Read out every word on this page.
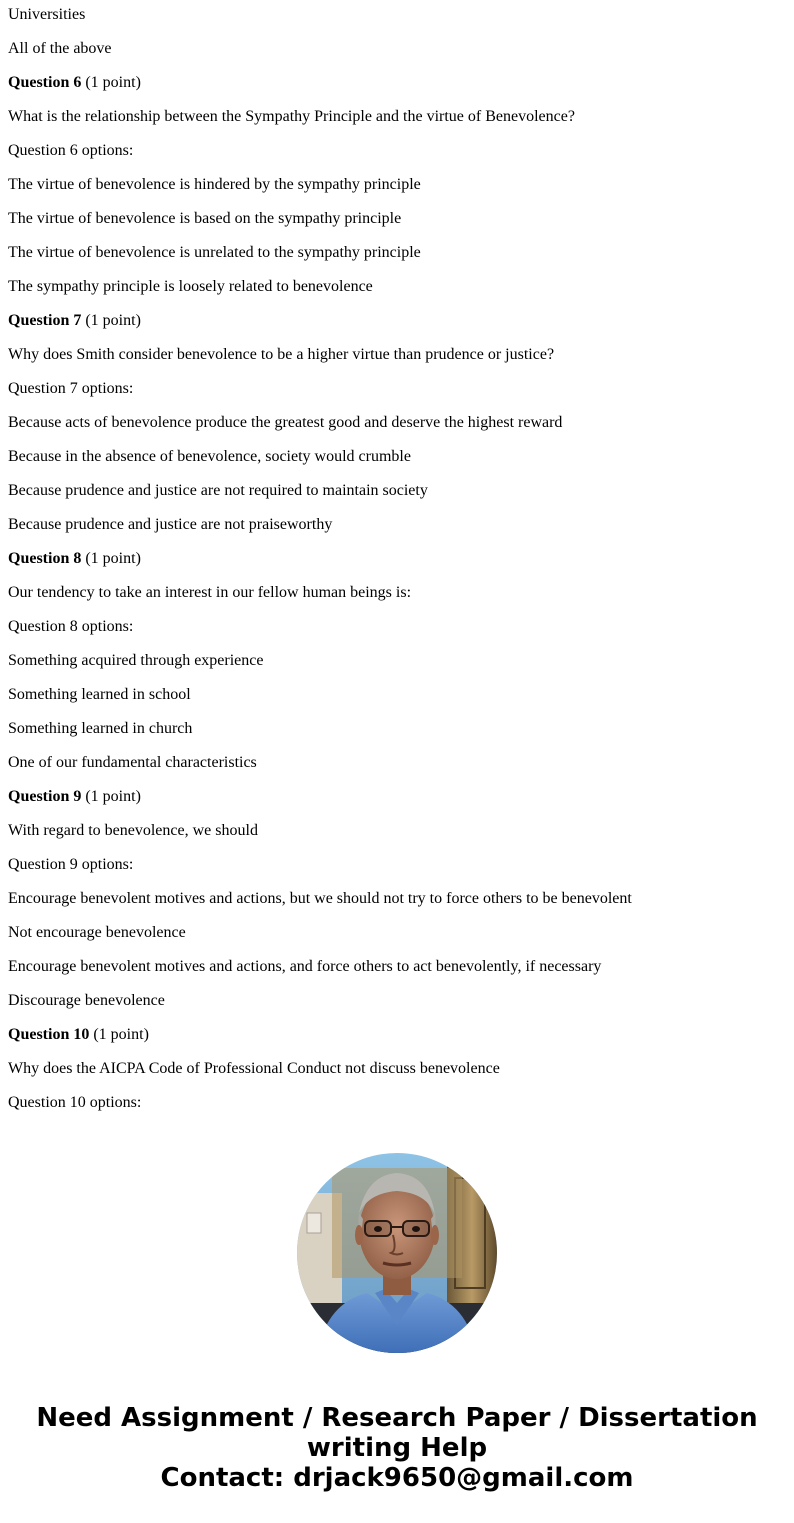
Universities

All of the above

Question 6 (1 point)

What is the relationship between the Sympathy Principle and the virtue of Benevolence?

Question 6 options:

The virtue of benevolence is hindered by the sympathy principle

The virtue of benevolence is based on the sympathy principle

The virtue of benevolence is unrelated to the sympathy principle

The sympathy principle is loosely related to benevolence

Question 7 (1 point)

Why does Smith consider benevolence to be a higher virtue than prudence or justice?

Question 7 options:

Because acts of benevolence produce the greatest good and deserve the highest reward

Because in the absence of benevolence, society would crumble

Because prudence and justice are not required to maintain society

Because prudence and justice are not praiseworthy

Question 8 (1 point)

Our tendency to take an interest in our fellow human beings is:

Question 8 options:

Something acquired through experience

Something learned in school

Something learned in church

One of our fundamental characteristics

Question 9 (1 point)

With regard to benevolence, we should

Question 9 options:

Encourage benevolent motives and actions, but we should not try to force others to be benevolent

Not encourage benevolence

Encourage benevolent motives and actions, and force others to act benevolently, if necessary

Discourage benevolence

Question 10 (1 point)

Why does the AICPA Code of Professional Conduct not discuss benevolence

Question 10 options:

Need Assignment / Research Paper / Dissertation
writing Help
Contact: drjack9650@gmail.com
